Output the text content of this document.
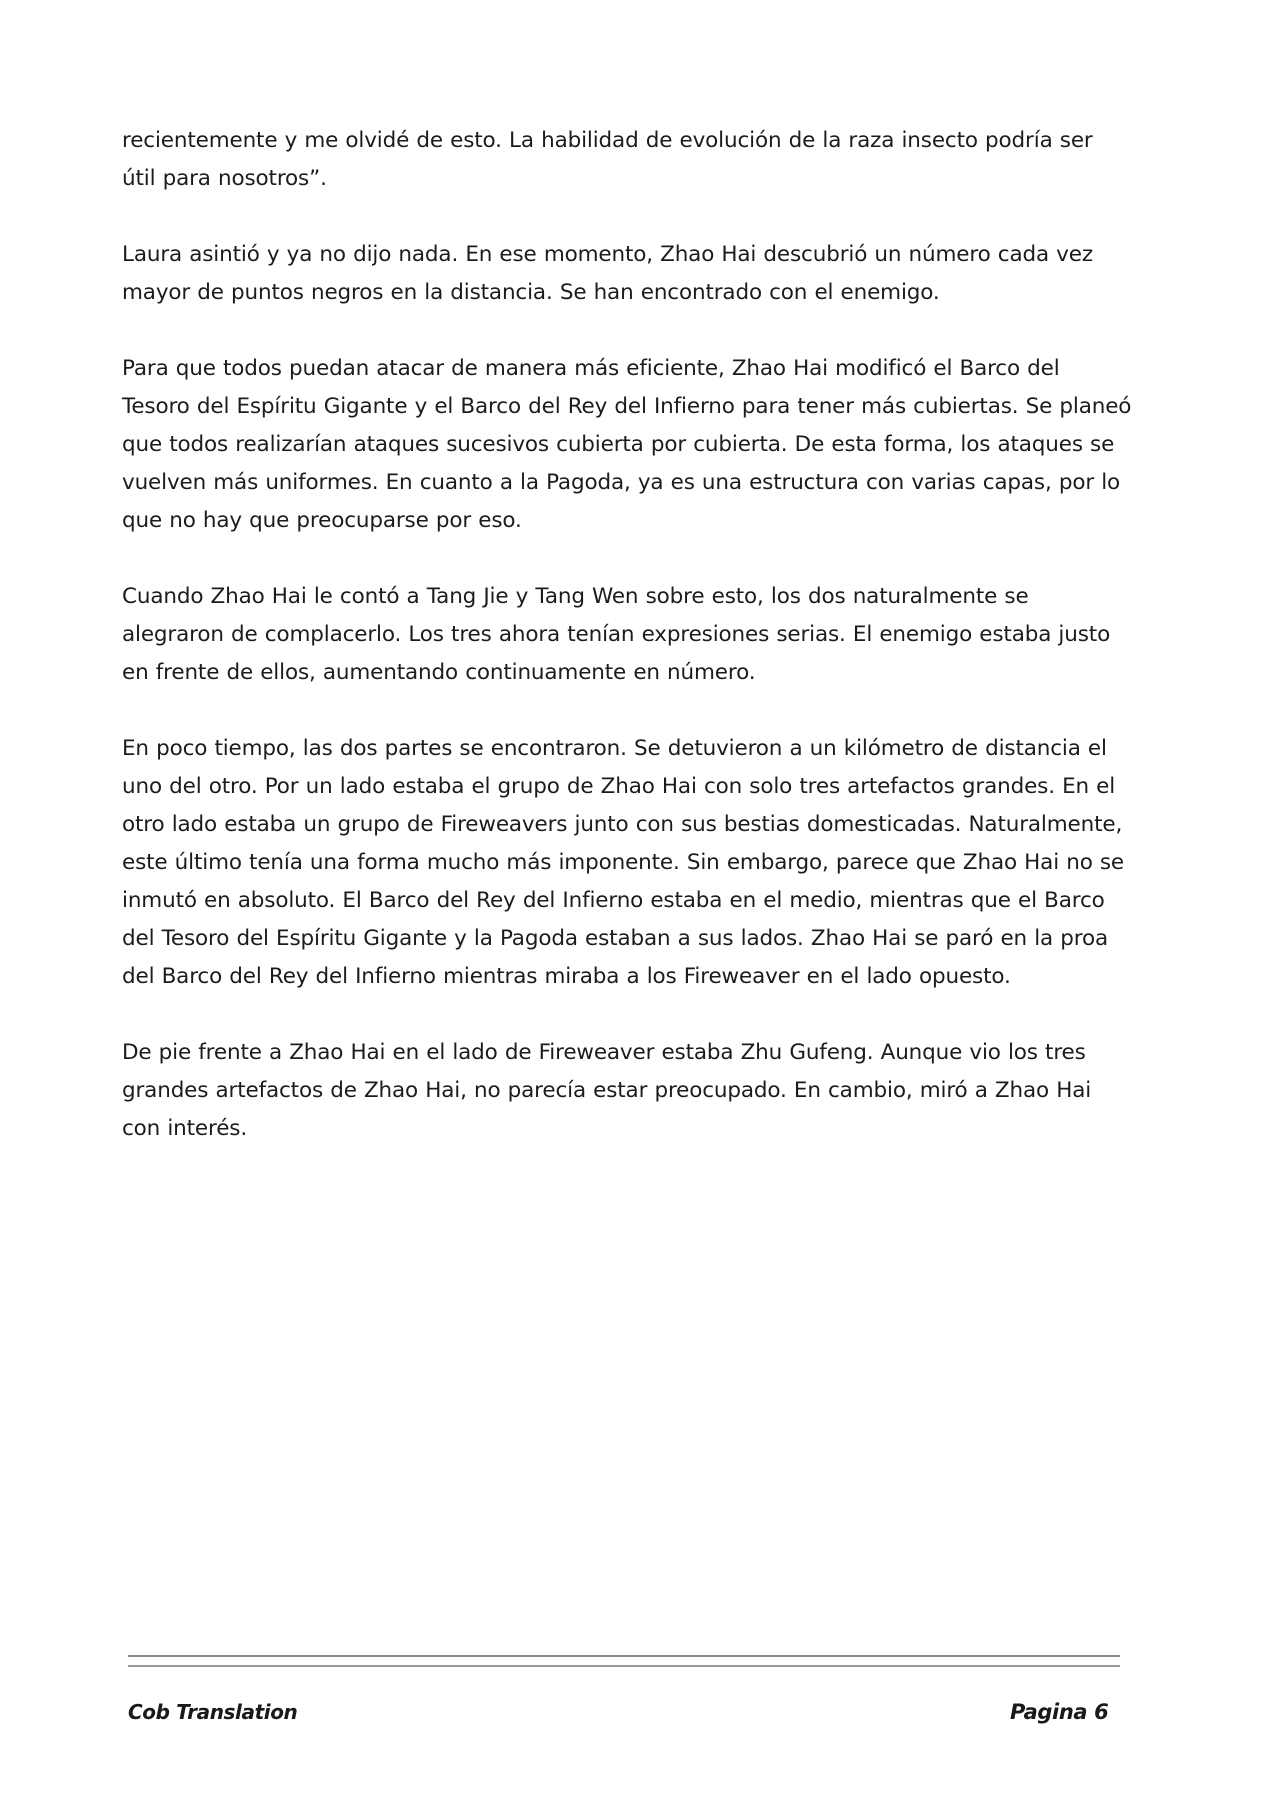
recientemente y me olvidé de esto. La habilidad de evolución de la raza insecto podría ser útil para nosotros”.

Laura asintió y ya no dijo nada. En ese momento, Zhao Hai descubrió un número cada vez mayor de puntos negros en la distancia. Se han encontrado con el enemigo.

Para que todos puedan atacar de manera más eficiente, Zhao Hai modificó el Barco del Tesoro del Espíritu Gigante y el Barco del Rey del Infierno para tener más cubiertas. Se planeó que todos realizarían ataques sucesivos cubierta por cubierta. De esta forma, los ataques se vuelven más uniformes. En cuanto a la Pagoda, ya es una estructura con varias capas, por lo que no hay que preocuparse por eso.

Cuando Zhao Hai le contó a Tang Jie y Tang Wen sobre esto, los dos naturalmente se alegraron de complacerlo. Los tres ahora tenían expresiones serias. El enemigo estaba justo en frente de ellos, aumentando continuamente en número.

En poco tiempo, las dos partes se encontraron. Se detuvieron a un kilómetro de distancia el uno del otro. Por un lado estaba el grupo de Zhao Hai con solo tres artefactos grandes. En el otro lado estaba un grupo de Fireweavers junto con sus bestias domesticadas. Naturalmente, este último tenía una forma mucho más imponente. Sin embargo, parece que Zhao Hai no se inmutó en absoluto. El Barco del Rey del Infierno estaba en el medio, mientras que el Barco del Tesoro del Espíritu Gigante y la Pagoda estaban a sus lados. Zhao Hai se paró en la proa del Barco del Rey del Infierno mientras miraba a los Fireweaver en el lado opuesto.

De pie frente a Zhao Hai en el lado de Fireweaver estaba Zhu Gufeng. Aunque vio los tres grandes artefactos de Zhao Hai, no parecía estar preocupado. En cambio, miró a Zhao Hai con interés.

Cob Translation	Pagina 6
